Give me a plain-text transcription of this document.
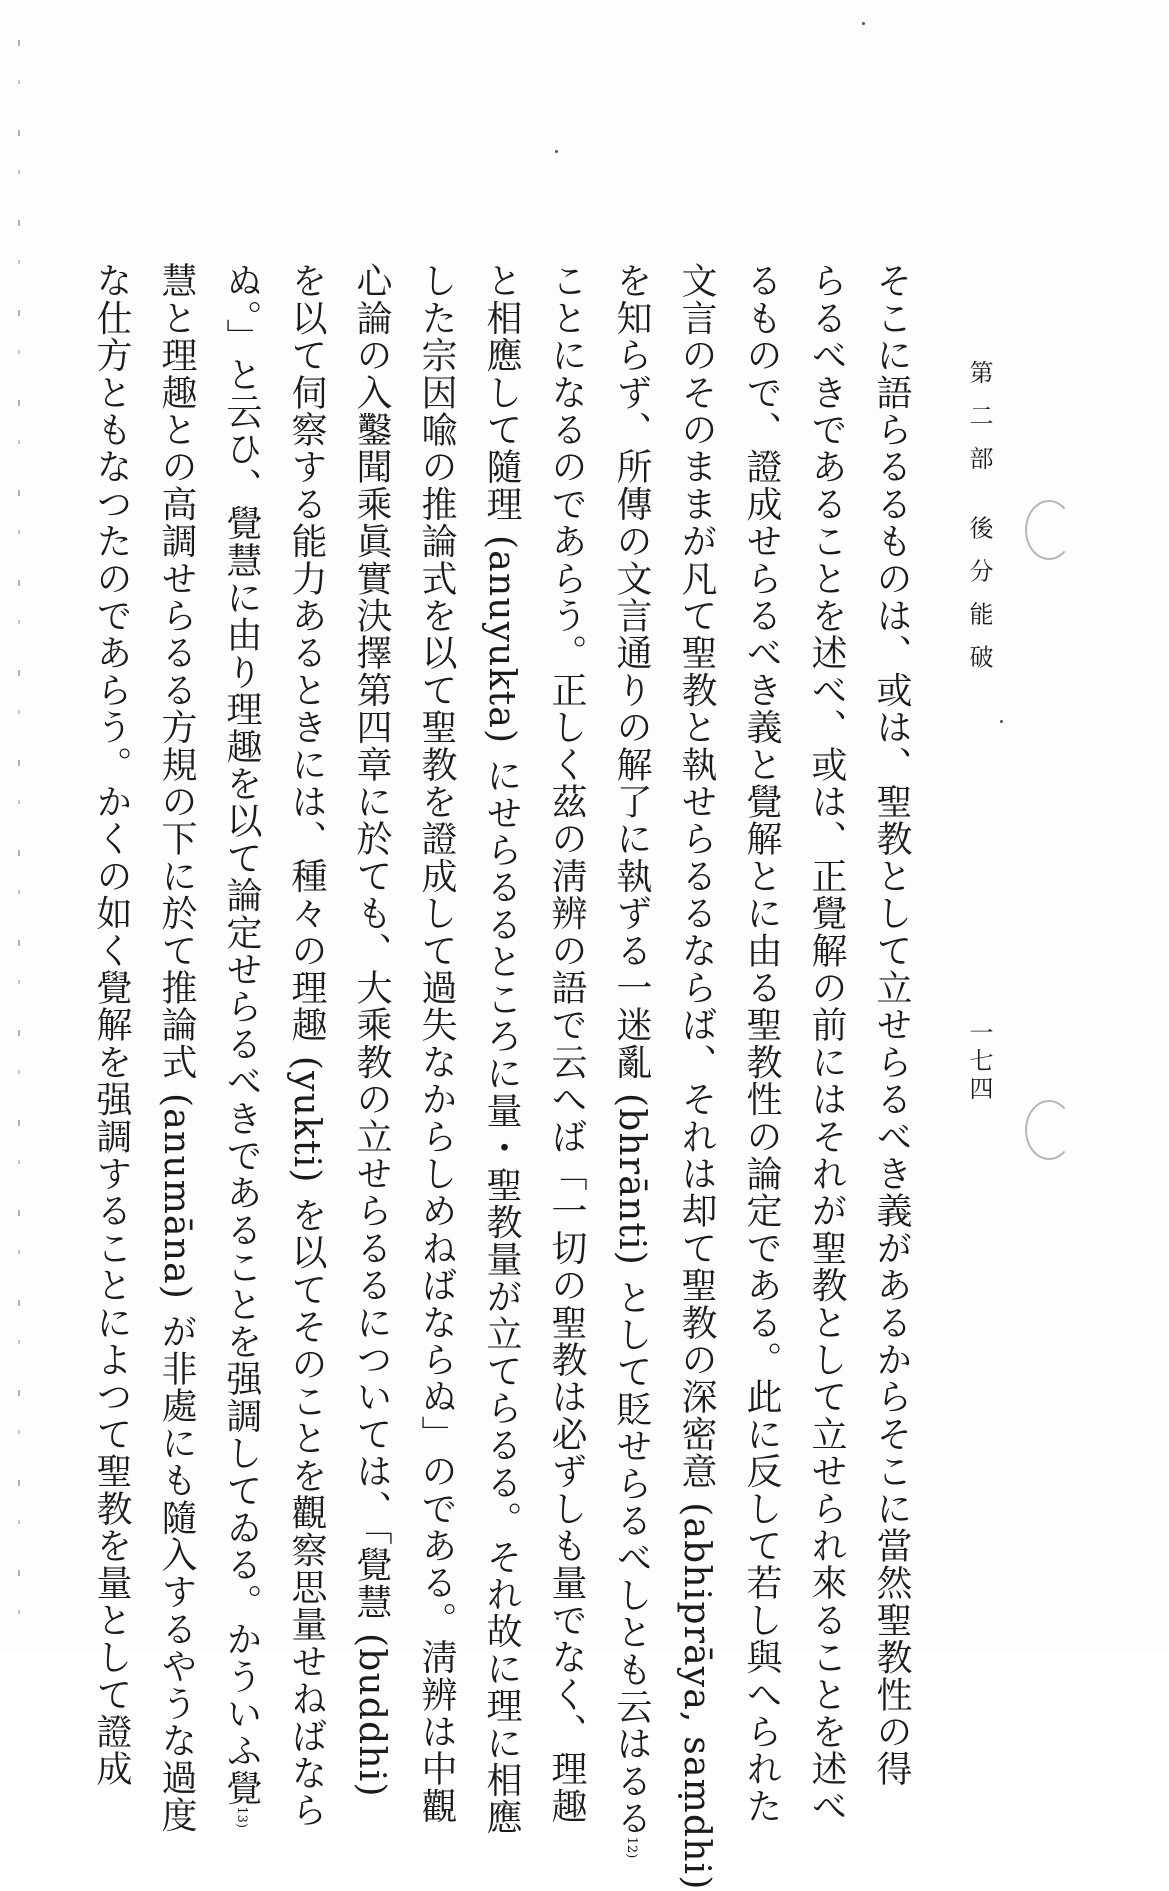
第二部 後分能破
一七四
そこに語らるるものは、或は、聖教として立せらるべき義があるからそこに當然聖教性の得
らるべきであることを述べ、或は、正覺解の前にはそれが聖教として立せられ來ることを述べ
るもので、證成せらるべき義と覺解とに由る聖教性の論定である。此に反して若し與へられた
文言のそのままが凡て聖教と執せらるるならば、それは却て聖教の深密意 (abhiprāya, saṃdhi)
を知らず、所傳の文言通りの解了に執ずる一迷亂 (bhrānti) として貶せらるべしとも云はるる12)
ことになるのであらう。正しく茲の淸辨の語で云へば「一切の聖教は必ずしも量でなく、理趣
と相應して隨理 (anuyukta) にせらるるところに量・聖教量が立てらるる。それ故に理に相應
した宗因喩の推論式を以て聖教を證成して過失なからしめねばならぬ」のである。淸辨は中觀
心論の入鑿聞乘眞實決擇第四章に於ても、大乘教の立せらるるについては、「覺慧 (buddhi)
を以て伺察する能力あるときには、種々の理趣 (yukti) を以てそのことを觀察思量せねばなら
ぬ。」と云ひ、覺慧に由り理趣を以て論定せらるべきであることを强調してゐる。かういふ覺13)
慧と理趣との高調せらるる方規の下に於て推論式 (anumāna) が非處にも隨入するやうな過度
な仕方ともなつたのであらう。かくの如く覺解を强調することによつて聖教を量として證成
